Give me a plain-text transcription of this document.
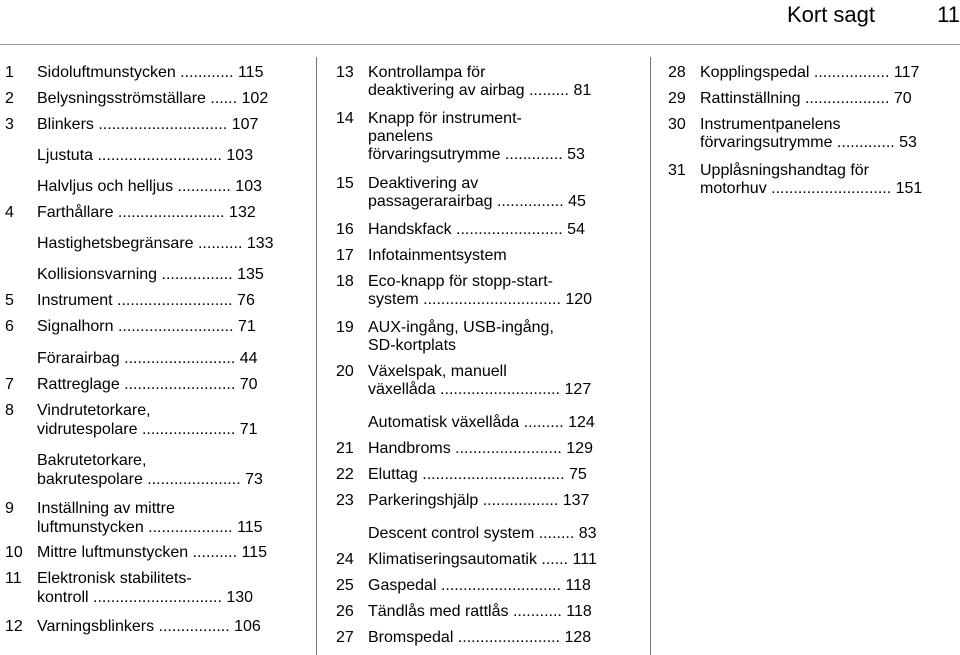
Kort sagt	11
1	Sidoluftmunstycken ............ 115
2	Belysningsströmställare ...... 102
3	Blinkers ............................. 107
Ljustuta ............................ 103
Halvljus och helljus ............ 103
4	Farthållare ........................ 132
Hastighetsbegränsare .......... 133
Kollisionsvarning ................ 135
5	Instrument .......................... 76
6	Signalhorn .......................... 71
Förarairbag ......................... 44
7	Rattreglage ......................... 70
8	Vindrutetorkare,
vidrutespolare ..................... 71
Bakrutetorkare,
bakrutespolare ..................... 73
9	Inställning av mittre
luftmunstycken ................... 115
10 Mittre luftmunstycken .......... 115
11 Elektronisk stabilitets-
kontroll ............................. 130
12 Varningsblinkers ................ 106
13 Kontrollampa för
deaktivering av airbag ......... 81
14 Knapp för instrument-
panelens
förvaringsutrymme ............. 53
15 Deaktivering av
passagerarairbag ............... 45
16 Handskfack ........................ 54
17 Infotainmentsystem
18 Eco-knapp för stopp-start-
system ............................... 120
19 AUX-ingång, USB-ingång,
SD-kortplats
20 Växelspak, manuell
växellåda ........................... 127
Automatisk växellåda ......... 124
21 Handbroms ........................ 129
22 Eluttag ................................ 75
23 Parkeringshjälp ................. 137
Descent control system ........ 83
24 Klimatiseringsautomatik ...... 111
25 Gaspedal ........................... 118
26 Tändlås med rattlås ........... 118
27 Bromspedal ....................... 128
28 Kopplingspedal ................. 117
29 Rattinställning ................... 70
30 Instrumentpanelens
förvaringsutrymme ............. 53
31 Upplåsningshandtag för
motorhuv ........................... 151
